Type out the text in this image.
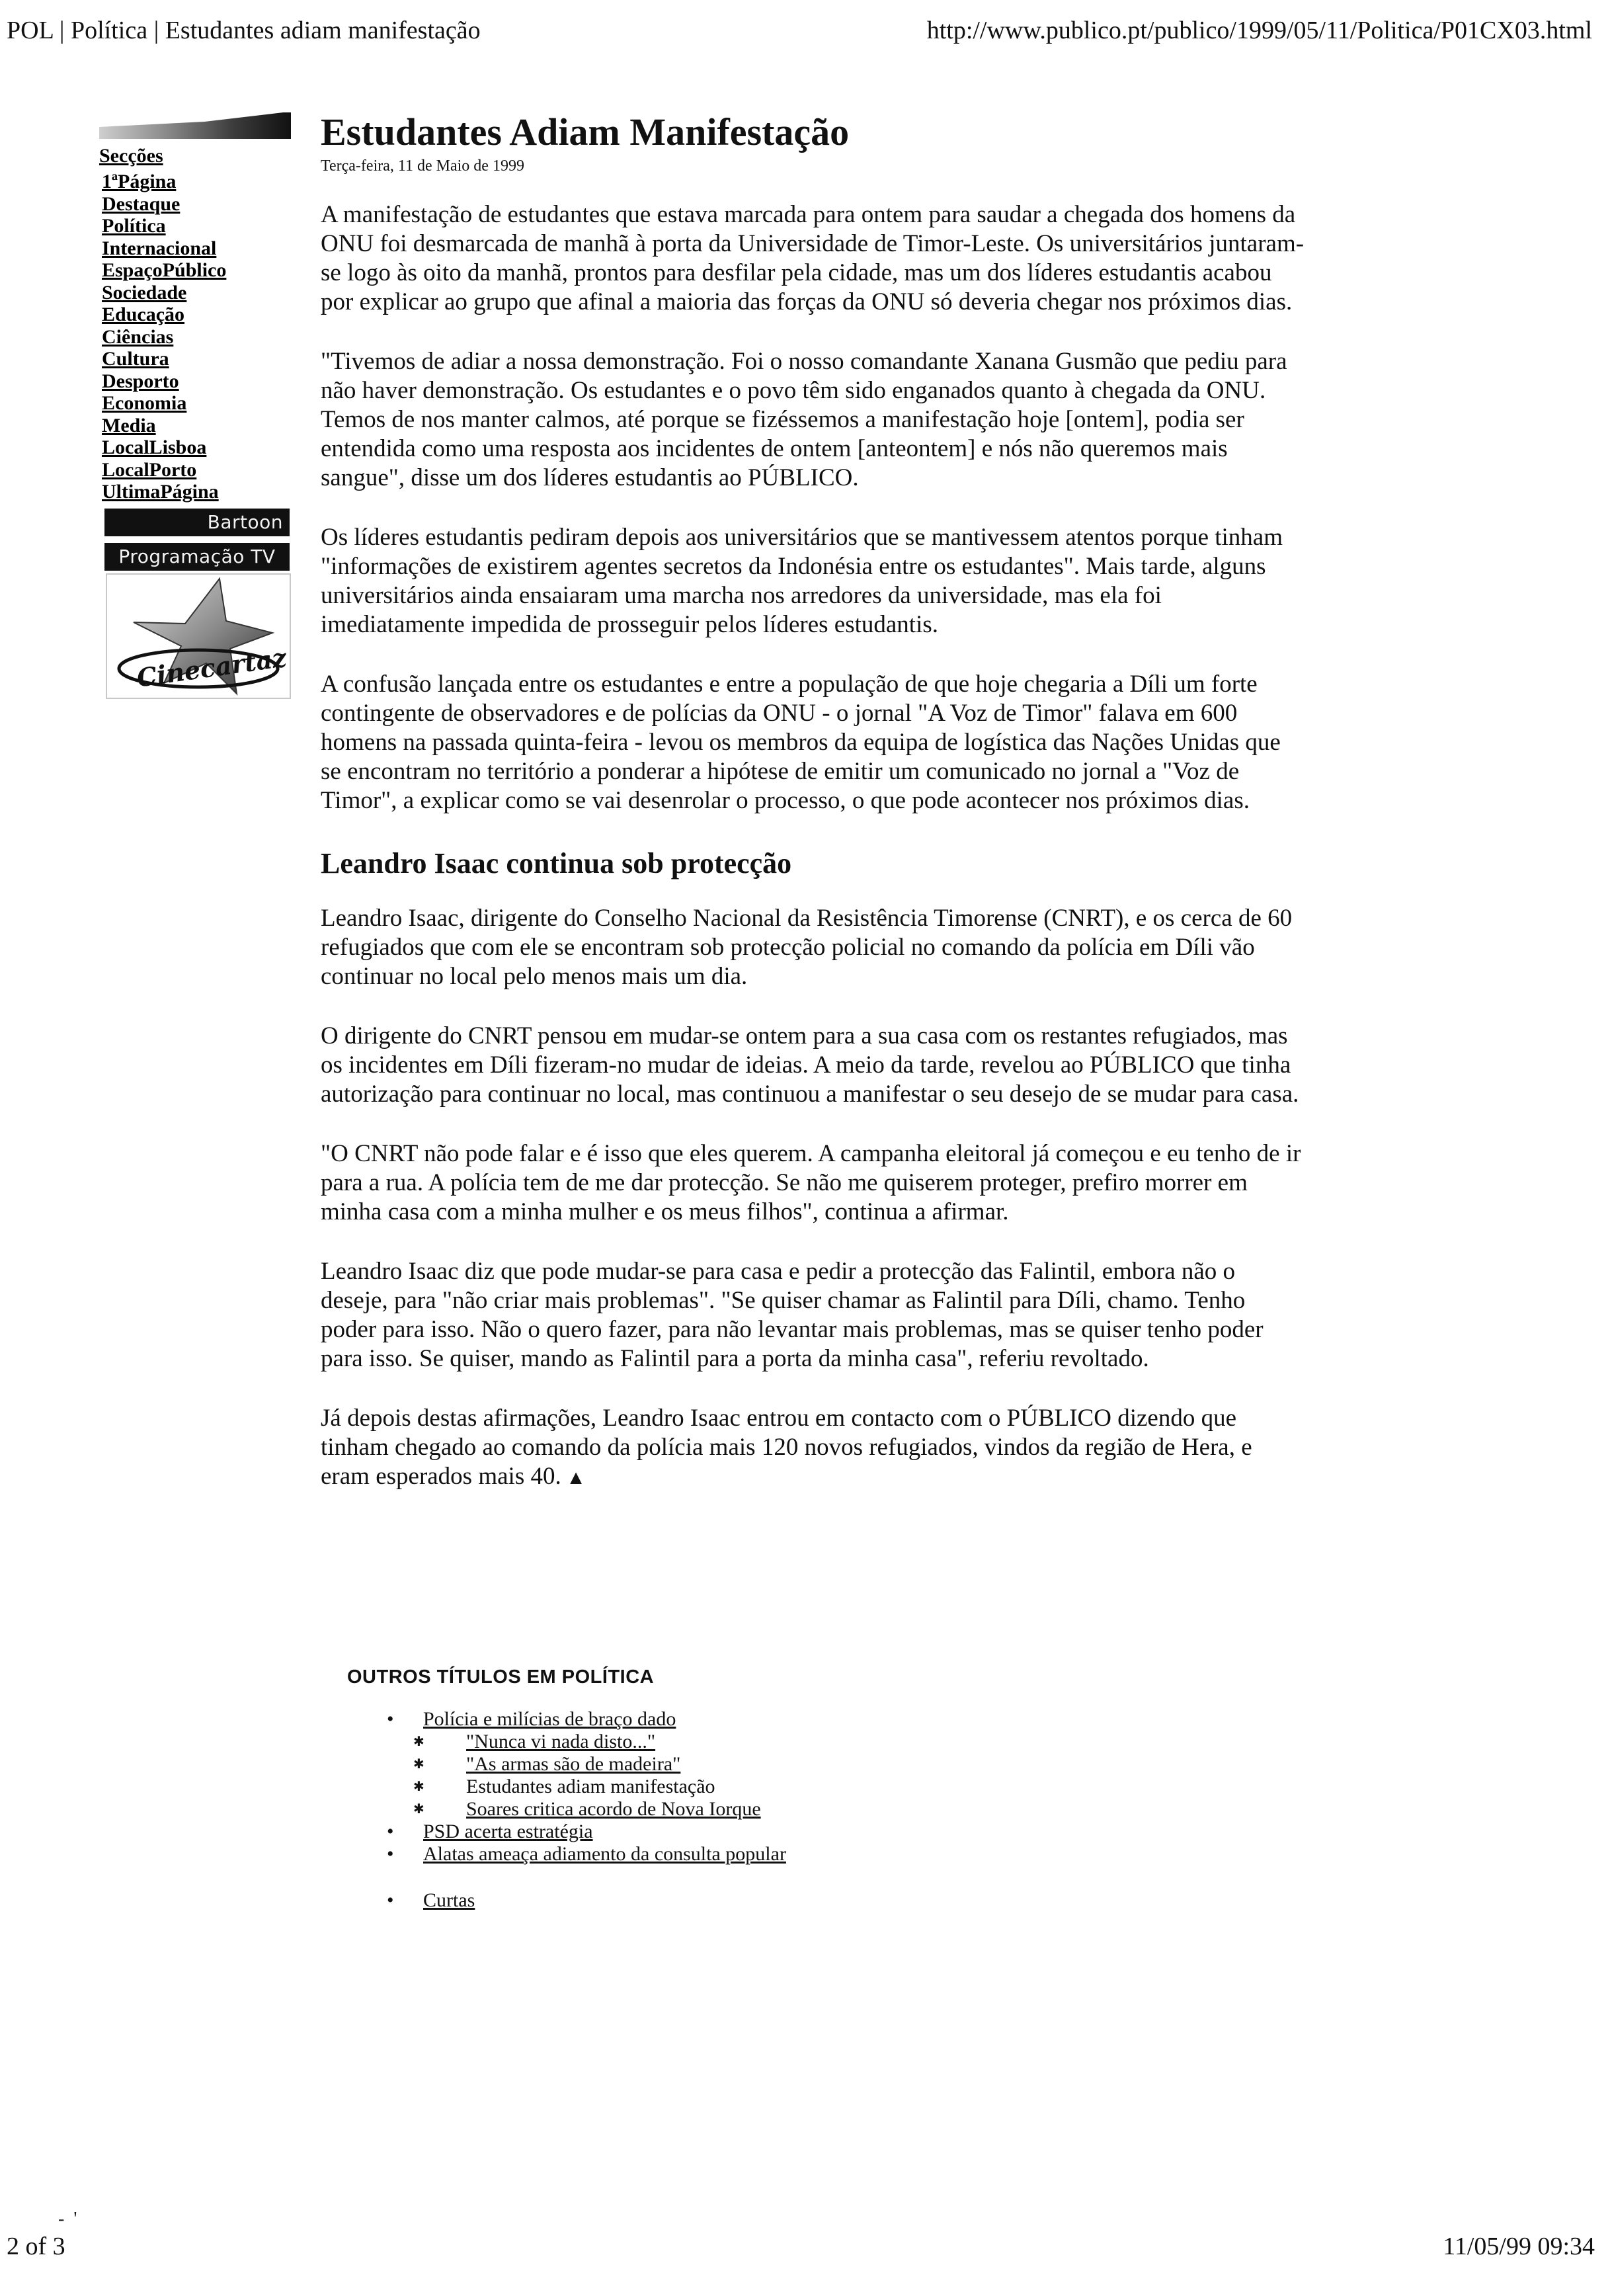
POL | Política | Estudantes adiam manifestação	http://www.publico.pt/publico/1999/05/11/Politica/P01CX03.html
-  '
2 of 3	11/05/99 09:34
Secções
1ªPágina
Destaque
Política
Internacional
EspaçoPúblico
Sociedade
Educação
Ciências
Cultura
Desporto
Economia
Media
LocalLisboa
LocalPorto
UltimaPágina
Bartoon
Programação TV
Cinecartaz
Estudantes Adiam Manifestação
Terça-feira, 11 de Maio de 1999

A manifestação de estudantes que estava marcada para ontem para saudar a chegada dos homens da ONU foi desmarcada de manhã à porta da Universidade de Timor-Leste. Os universitários juntaram-se logo às oito da manhã, prontos para desfilar pela cidade, mas um dos líderes estudantis acabou por explicar ao grupo que afinal a maioria das forças da ONU só deveria chegar nos próximos dias.

"Tivemos de adiar a nossa demonstração. Foi o nosso comandante Xanana Gusmão que pediu para não haver demonstração. Os estudantes e o povo têm sido enganados quanto à chegada da ONU. Temos de nos manter calmos, até porque se fizéssemos a manifestação hoje [ontem], podia ser entendida como uma resposta aos incidentes de ontem [anteontem] e nós não queremos mais sangue", disse um dos líderes estudantis ao PÚBLICO.

Os líderes estudantis pediram depois aos universitários que se mantivessem atentos porque tinham "informações de existirem agentes secretos da Indonésia entre os estudantes". Mais tarde, alguns universitários ainda ensaiaram uma marcha nos arredores da universidade, mas ela foi imediatamente impedida de prosseguir pelos líderes estudantis.

A confusão lançada entre os estudantes e entre a população de que hoje chegaria a Díli um forte contingente de observadores e de polícias da ONU - o jornal "A Voz de Timor" falava em 600 homens na passada quinta-feira - levou os membros da equipa de logística das Nações Unidas que se encontram no território a ponderar a hipótese de emitir um comunicado no jornal a "Voz de Timor", a explicar como se vai desenrolar o processo, o que pode acontecer nos próximos dias.

Leandro Isaac continua sob protecção

Leandro Isaac, dirigente do Conselho Nacional da Resistência Timorense (CNRT), e os cerca de 60 refugiados que com ele se encontram sob protecção policial no comando da polícia em Díli vão continuar no local pelo menos mais um dia.

O dirigente do CNRT pensou em mudar-se ontem para a sua casa com os restantes refugiados, mas os incidentes em Díli fizeram-no mudar de ideias. A meio da tarde, revelou ao PÚBLICO que tinha autorização para continuar no local, mas continuou a manifestar o seu desejo de se mudar para casa.

"O CNRT não pode falar e é isso que eles querem. A campanha eleitoral já começou e eu tenho de ir para a rua. A polícia tem de me dar protecção. Se não me quiserem proteger, prefiro morrer em minha casa com a minha mulher e os meus filhos", continua a afirmar.

Leandro Isaac diz que pode mudar-se para casa e pedir a protecção das Falintil, embora não o deseje, para "não criar mais problemas". "Se quiser chamar as Falintil para Díli, chamo. Tenho poder para isso. Não o quero fazer, para não levantar mais problemas, mas se quiser tenho poder para isso. Se quiser, mando as Falintil para a porta da minha casa", referiu revoltado.

Já depois destas afirmações, Leandro Isaac entrou em contacto com o PÚBLICO dizendo que tinham chegado ao comando da polícia mais 120 novos refugiados, vindos da região de Hera, e eram esperados mais 40. ▲

OUTROS TÍTULOS EM POLÍTICA
• Polícia e milícias de braço dado
✱ "Nunca vi nada disto..."
✱ "As armas são de madeira"
✱ Estudantes adiam manifestação
✱ Soares critica acordo de Nova Iorque
• PSD acerta estratégia
• Alatas ameaça adiamento da consulta popular
• Curtas
